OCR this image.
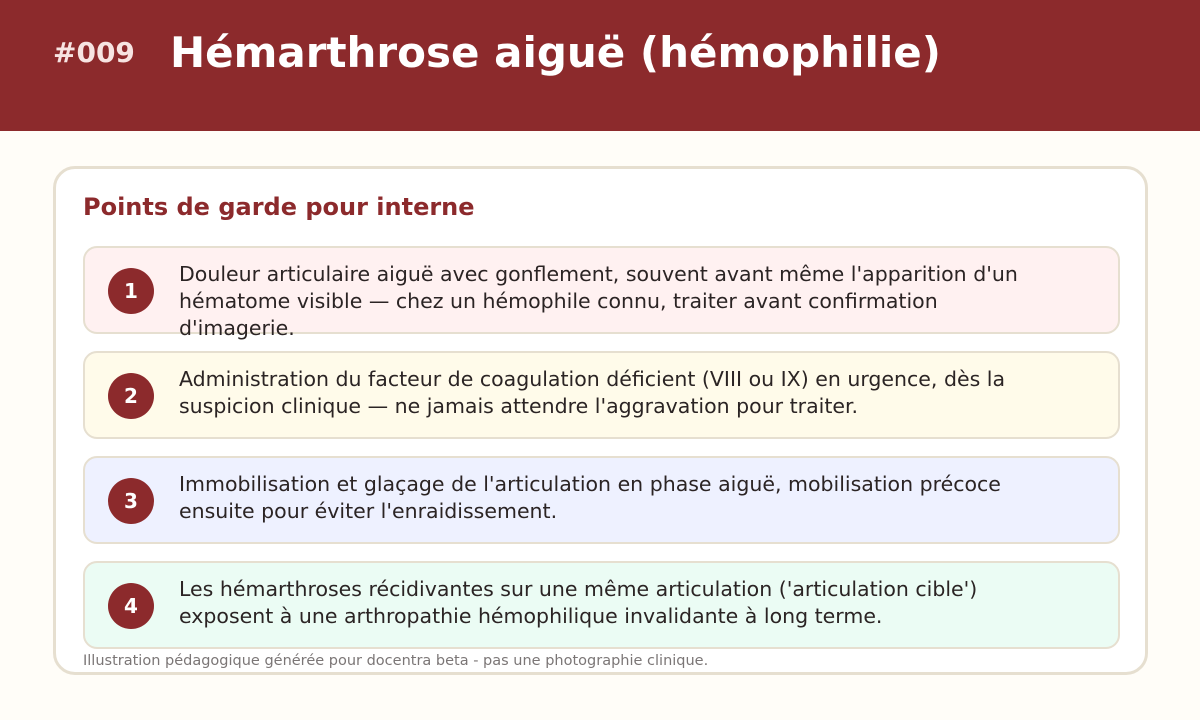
#009 Hémarthrose aiguë (hémophilie)
Points de garde pour interne
1

Douleur articulaire aiguë avec gonflement, souvent avant même l'apparition d'un hématome visible — chez un hémophile connu, traiter avant confirmation d'imagerie.

2

Administration du facteur de coagulation déficient (VIII ou IX) en urgence, dès la suspicion clinique — ne jamais attendre l'aggravation pour traiter.

3

Immobilisation et glaçage de l'articulation en phase aiguë, mobilisation précoce ensuite pour éviter l'enraidissement.

4

Les hémarthroses récidivantes sur une même articulation ('articulation cible') exposent à une arthropathie hémophilique invalidante à long terme.

Illustration pédagogique générée pour docentra beta - pas une photographie clinique.
